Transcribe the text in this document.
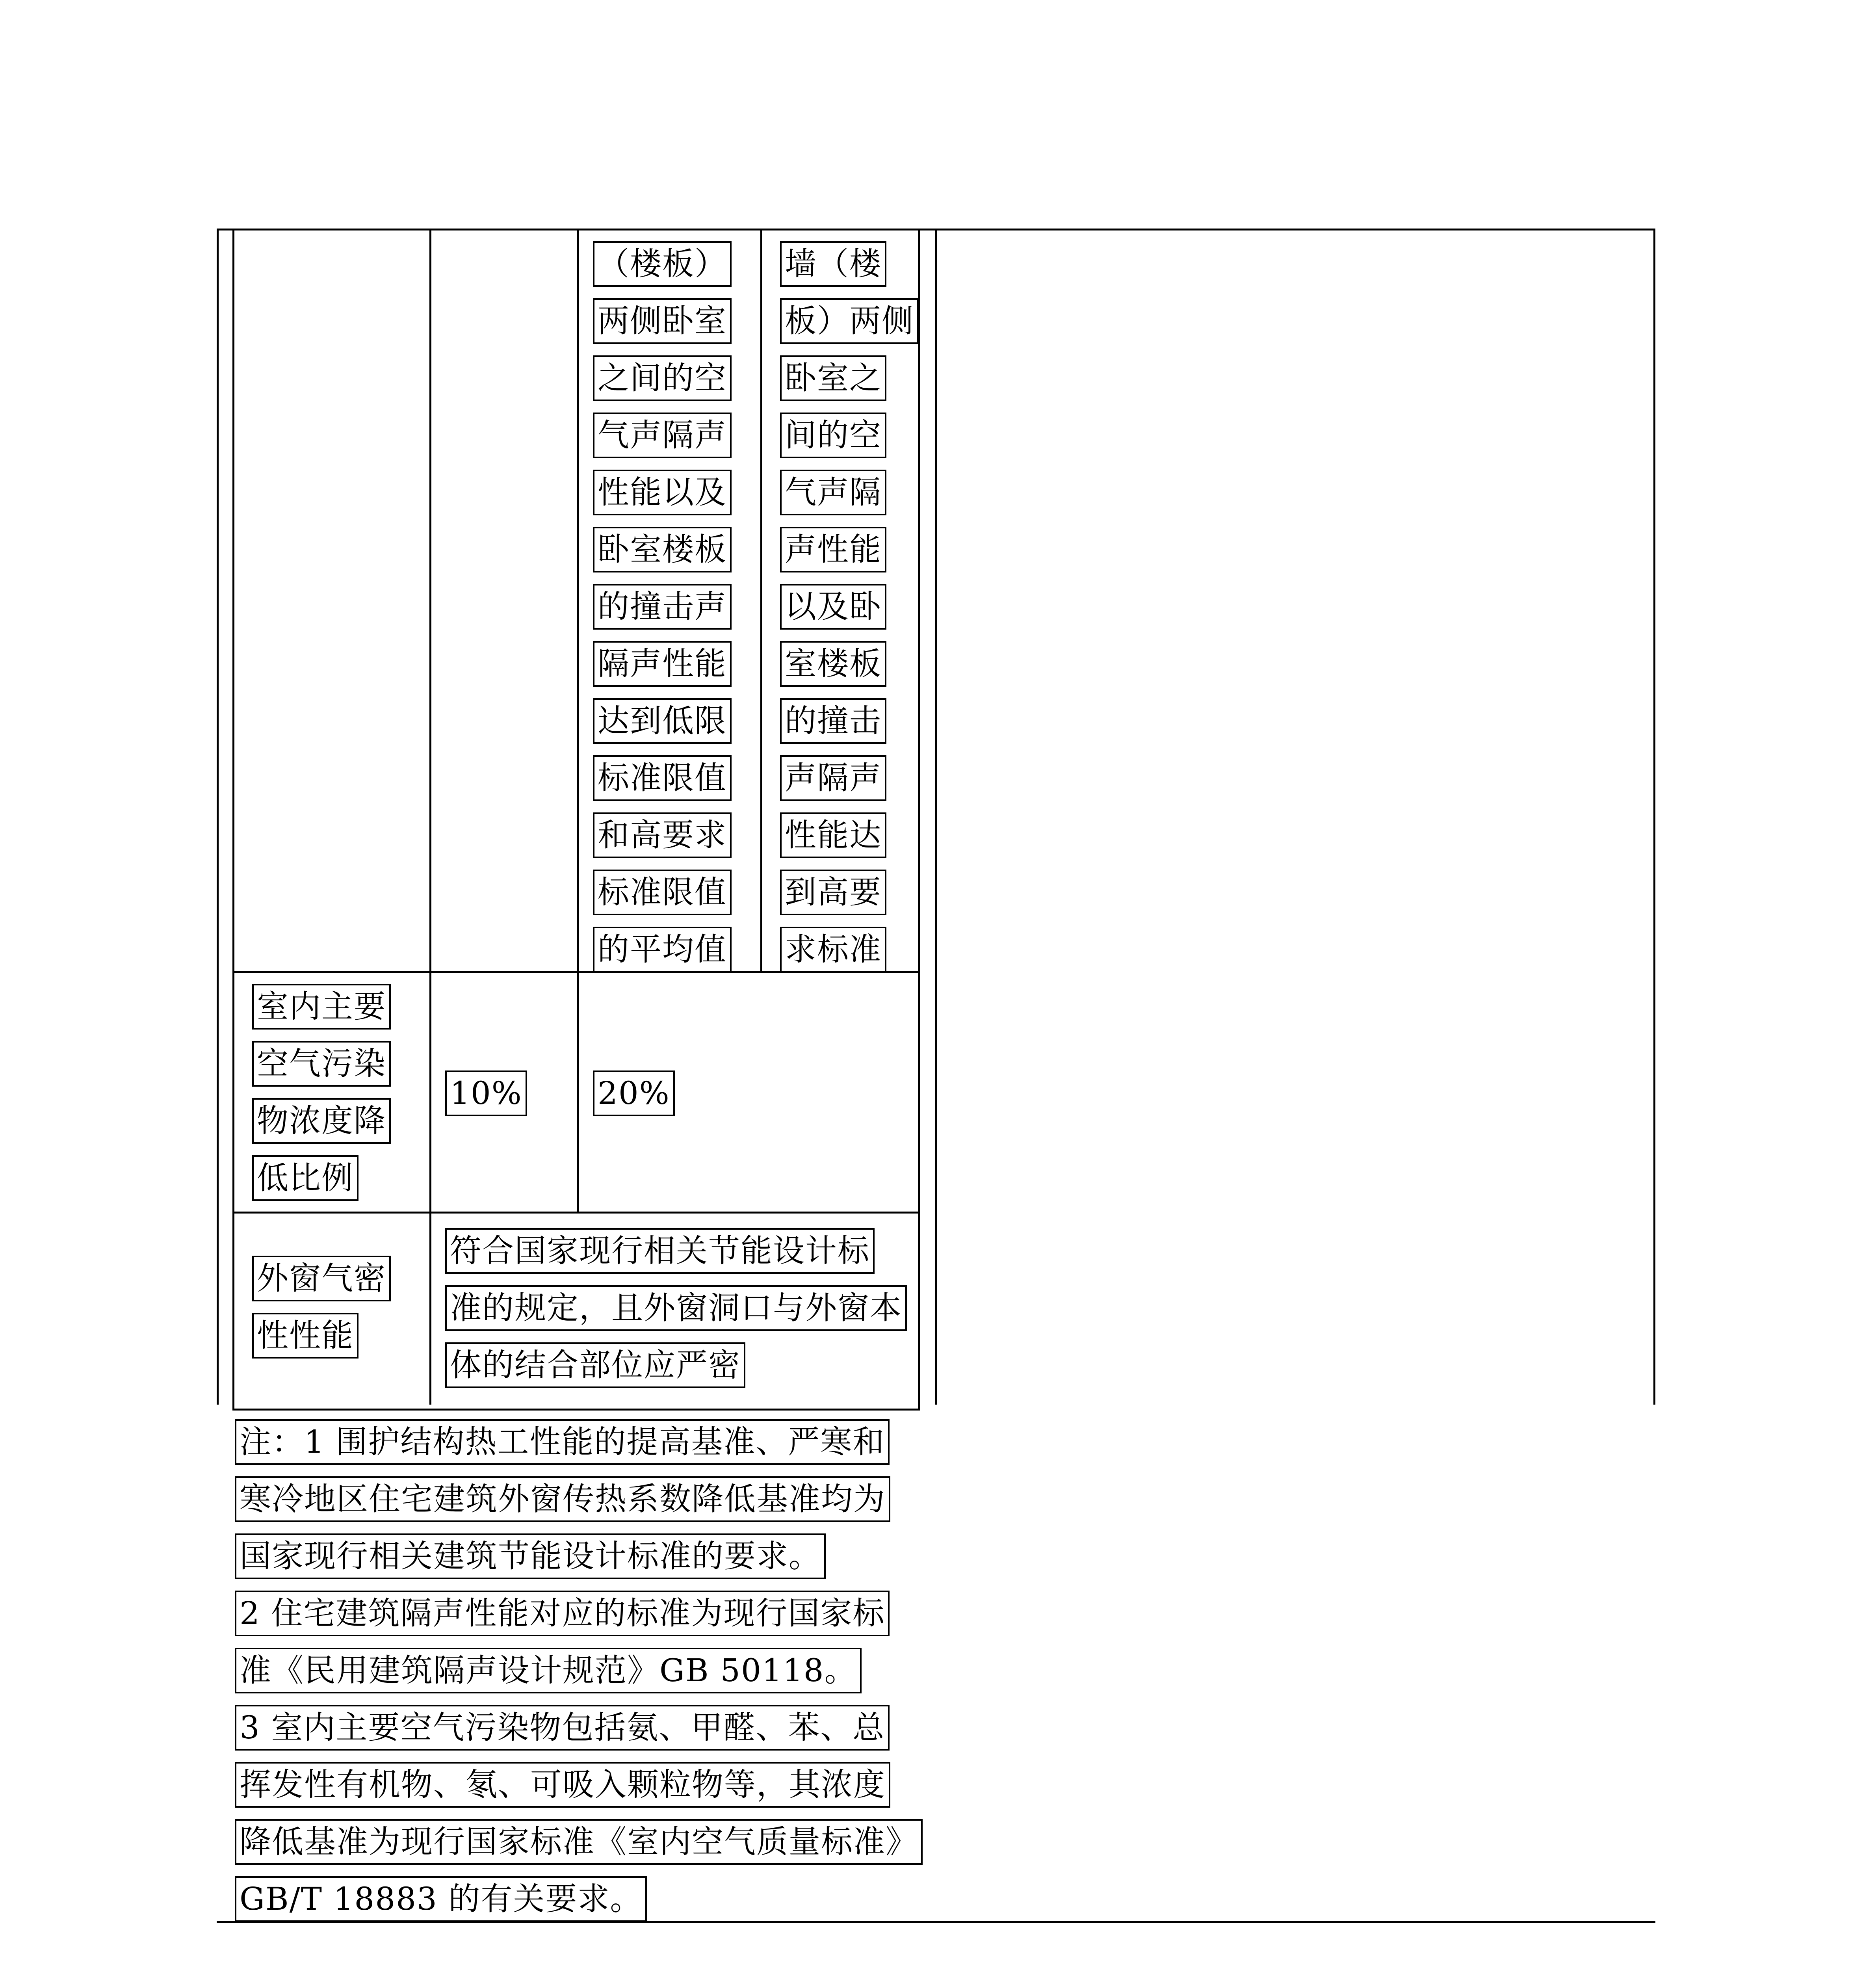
（楼板）
两侧卧室
之间的空
气声隔声
性能以及
卧室楼板
的撞击声
隔声性能
达到低限
标准限值
和高要求
标准限值
的平均值
墙（楼
板）两侧
卧室之
间的空
气声隔
声性能
以及卧
室楼板
的撞击
声隔声
性能达
到高要
求标准
室内主要
空气污染
物浓度降
低比例
10% 20%
外窗气密
性性能
符合国家现行相关节能设计标
准的规定，且外窗洞口与外窗本
体的结合部位应严密
注：1 围护结构热工性能的提高基准、严寒和
寒冷地区住宅建筑外窗传热系数降低基准均为
国家现行相关建筑节能设计标准的要求。
2 住宅建筑隔声性能对应的标准为现行国家标
准《民用建筑隔声设计规范》GB 50118。
3 室内主要空气污染物包括氨、甲醛、苯、总
挥发性有机物、氡、可吸入颗粒物等，其浓度
降低基准为现行国家标准《室内空气质量标准》
GB/T 18883 的有关要求。
